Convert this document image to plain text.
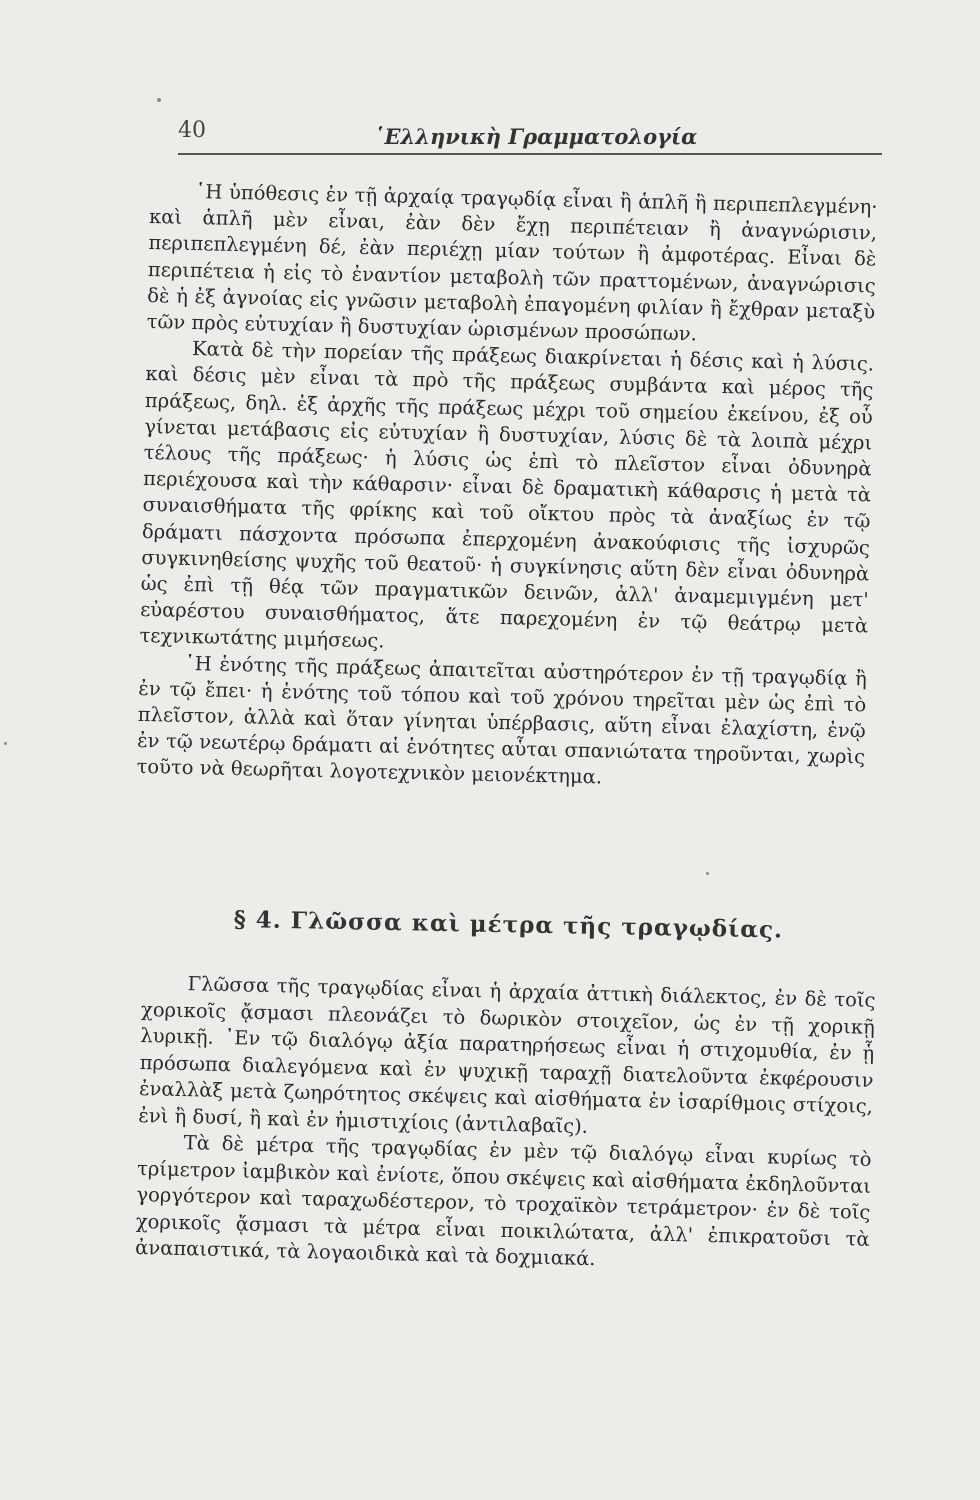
40	῾Ελληνικὴ Γραμματολογία

῾Η ὑπόθεσις ἐν τῇ ἀρχαίᾳ τραγῳδίᾳ εἶναι ἢ ἁπλῆ ἢ περιπεπλεγμένη· καὶ ἁπλῆ μὲν εἶναι, ἐὰν δὲν ἔχῃ περιπέτειαν ἢ ἀναγνώρισιν, περιπεπλεγμένη δέ, ἐὰν περιέχῃ μίαν τούτων ἢ ἀμφοτέρας. Εἶναι δὲ περιπέτεια ἡ εἰς τὸ ἐναντίον μεταβολὴ τῶν πραττομένων, ἀναγνώρισις δὲ ἡ ἐξ ἀγνοίας εἰς γνῶσιν μεταβολὴ ἐπαγομένη φιλίαν ἢ ἔχθραν μεταξὺ τῶν πρὸς εὐτυχίαν ἢ δυστυχίαν ὡρισμένων προσώπων.

Κατὰ δὲ τὴν πορείαν τῆς πράξεως διακρίνεται ἡ δέσις καὶ ἡ λύσις. καὶ δέσις μὲν εἶναι τὰ πρὸ τῆς πράξεως συμβάντα καὶ μέρος τῆς πράξεως, δηλ. ἐξ ἀρχῆς τῆς πράξεως μέχρι τοῦ σημείου ἐκείνου, ἐξ οὗ γίνεται μετάβασις εἰς εὐτυχίαν ἢ δυστυχίαν, λύσις δὲ τὰ λοιπὰ μέχρι τέλους τῆς πράξεως· ἡ λύσις ὡς ἐπὶ τὸ πλεῖστον εἶναι ὀδυνηρὰ περιέχουσα καὶ τὴν κάθαρσιν· εἶναι δὲ δραματικὴ κάθαρσις ἡ μετὰ τὰ συναισθήματα τῆς φρίκης καὶ τοῦ οἴκτου πρὸς τὰ ἀναξίως ἐν τῷ δράματι πάσχοντα πρόσωπα ἐπερχομένη ἀνακούφισις τῆς ἰσχυρῶς συγκινηθείσης ψυχῆς τοῦ θεατοῦ· ἡ συγκίνησις αὕτη δὲν εἶναι ὀδυνηρὰ ὡς ἐπὶ τῇ θέᾳ τῶν πραγματικῶν δεινῶν, ἀλλ' ἀναμεμιγμένη μετ' εὐαρέστου συναισθήματος, ἅτε παρεχομένη ἐν τῷ θεάτρῳ μετὰ τεχνικωτάτης μιμήσεως.

῾Η ἑνότης τῆς πράξεως ἀπαιτεῖται αὐστηρότερον ἐν τῇ τραγῳδίᾳ ἢ ἐν τῷ ἔπει· ἡ ἑνότης τοῦ τόπου καὶ τοῦ χρόνου τηρεῖται μὲν ὡς ἐπὶ τὸ πλεῖστον, ἀλλὰ καὶ ὅταν γίνηται ὑπέρβασις, αὕτη εἶναι ἐλαχίστη, ἐνῷ ἐν τῷ νεωτέρῳ δράματι αἱ ἑνότητες αὗται σπανιώτατα τηροῦνται, χωρὶς τοῦτο νὰ θεωρῆται λογοτεχνικὸν μειονέκτημα.

§ 4. Γλῶσσα καὶ μέτρα τῆς τραγῳδίας.

Γλῶσσα τῆς τραγῳδίας εἶναι ἡ ἀρχαία ἀττικὴ διάλεκτος, ἐν δὲ τοῖς χορικοῖς ᾄσμασι πλεονάζει τὸ δωρικὸν στοιχεῖον, ὡς ἐν τῇ χορικῇ λυρικῇ. ᾿Εν τῷ διαλόγῳ ἀξία παρατηρήσεως εἶναι ἡ στιχομυθία, ἐν ᾗ πρόσωπα διαλεγόμενα καὶ ἐν ψυχικῇ ταραχῇ διατελοῦντα ἐκφέρουσιν ἐναλλὰξ μετὰ ζωηρότητος σκέψεις καὶ αἰσθήματα ἐν ἰσαρίθμοις στίχοις, ἐνὶ ἢ δυσί, ἢ καὶ ἐν ἡμιστιχίοις (ἀντιλαβαῖς).

Τὰ δὲ μέτρα τῆς τραγῳδίας ἐν μὲν τῷ διαλόγῳ εἶναι κυρίως τὸ τρίμετρον ἰαμβικὸν καὶ ἐνίοτε, ὅπου σκέψεις καὶ αἰσθήματα ἐκδηλοῦνται γοργότερον καὶ ταραχωδέστερον, τὸ τροχαϊκὸν τετράμετρον· ἐν δὲ τοῖς χορικοῖς ᾄσμασι τὰ μέτρα εἶναι ποικιλώτατα, ἀλλ' ἐπικρατοῦσι τὰ ἀναπαιστικά, τὰ λογαοιδικὰ καὶ τὰ δοχμιακά.
